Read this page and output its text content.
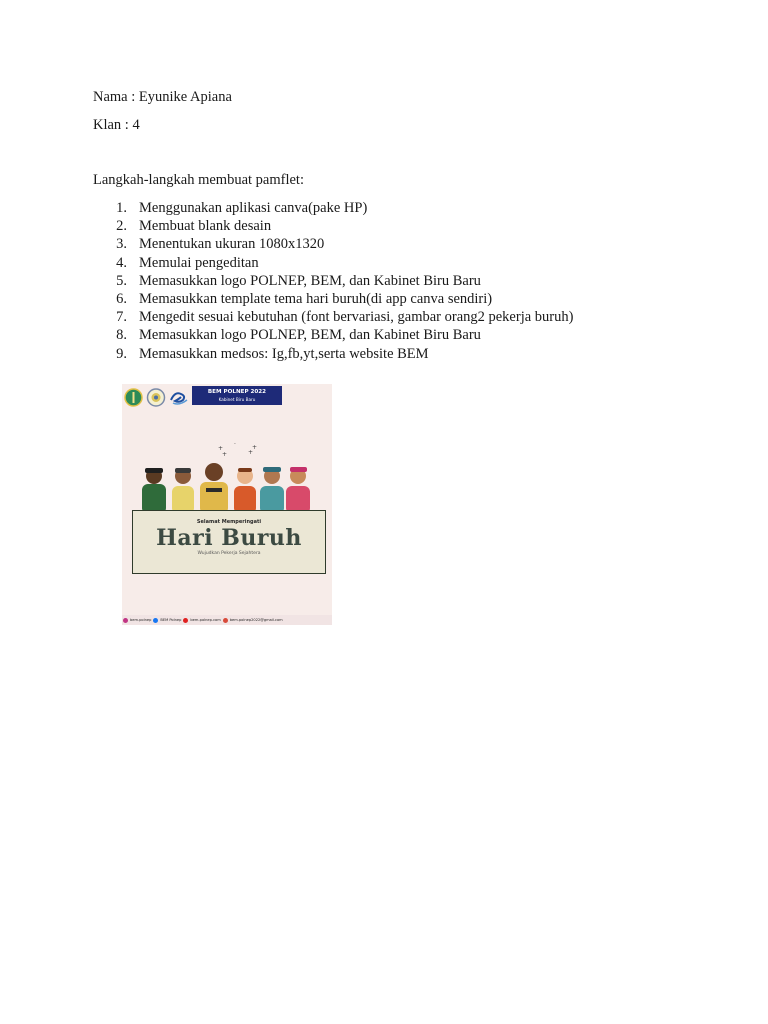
Nama : Eyunike Apiana
Klan : 4
Langkah-langkah membuat pamflet:
1. Menggunakan aplikasi canva(pake HP)
2. Membuat blank desain
3. Menentukan ukuran 1080x1320
4. Memulai pengeditan
5. Memasukkan logo POLNEP, BEM, dan Kabinet Biru Baru
6. Memasukkan template tema hari buruh(di app canva sendiri)
7. Mengedit sesuai kebutuhan (font bervariasi, gambar orang2 pekerja buruh)
8. Memasukkan logo POLNEP, BEM, dan Kabinet Biru Baru
9. Memasukkan medsos: Ig,fb,yt,serta website BEM
BEM POLNEP 2022
Kabinet Biru Baru
+
+	+
+
·
Selamat Memperingati
Hari Buruh
Wujudkan Pekerja Sejahtera
bem.polnep	BEM Polnep	bem-polnep.com	bem.polnep2022@gmail.com
